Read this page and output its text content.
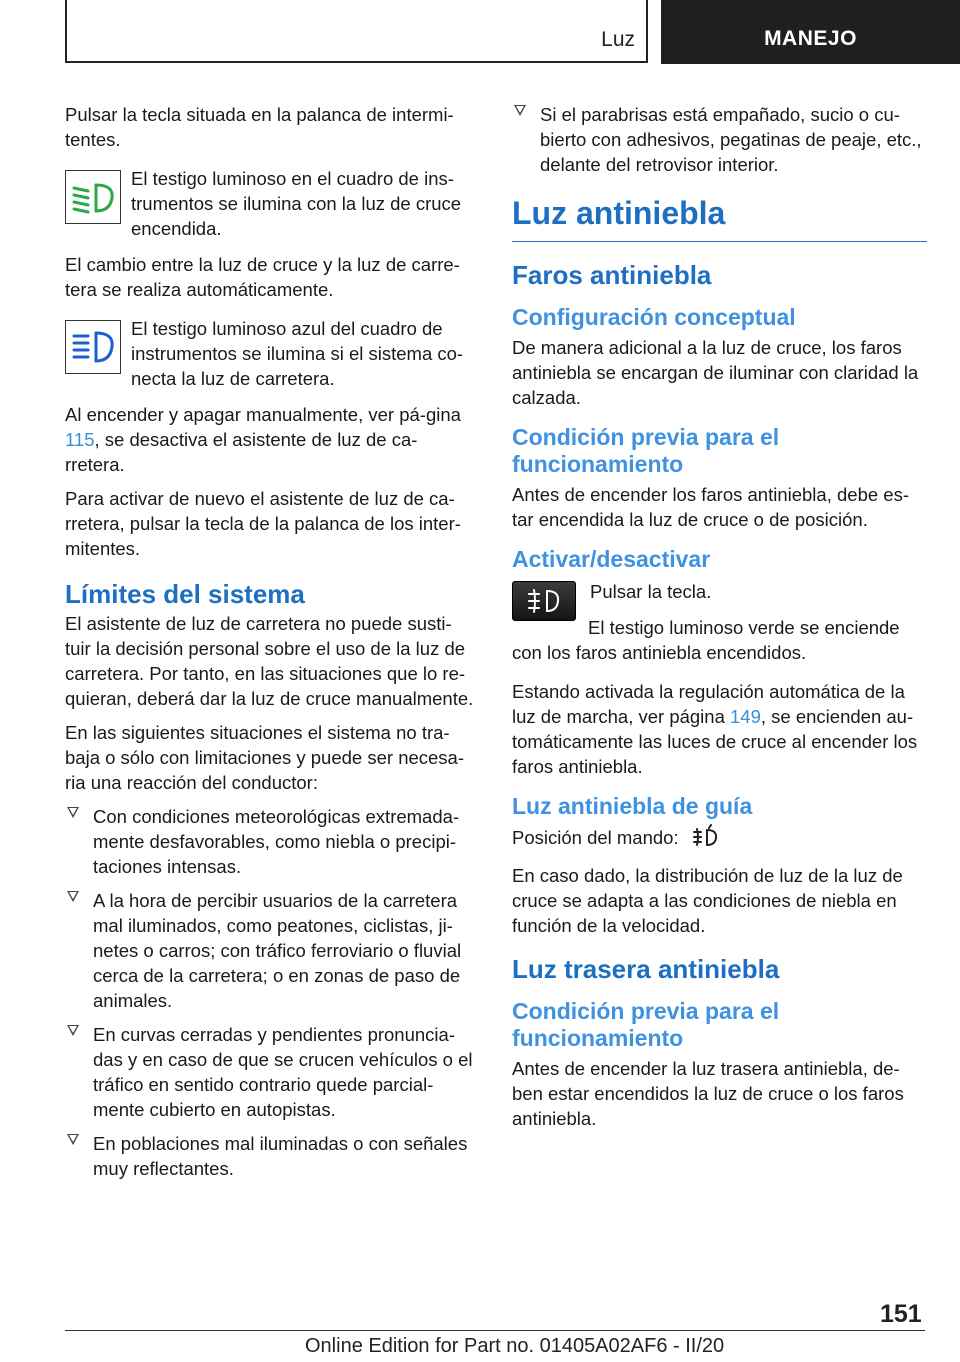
Luz	MANEJO

Pulsar la tecla situada en la palanca de intermi-tentes.

El testigo luminoso en el cuadro de ins-trumentos se ilumina con la luz de cruce encendida.

El cambio entre la luz de cruce y la luz de carre-tera se realiza automáticamente.

El testigo luminoso azul del cuadro de instrumentos se ilumina si el sistema co-necta la luz de carretera.

Al encender y apagar manualmente, ver pá-gina 115, se desactiva el asistente de luz de ca-rretera.

Para activar de nuevo el asistente de luz de ca-rretera, pulsar la tecla de la palanca de los inter-mitentes.

Límites del sistema

El asistente de luz de carretera no puede susti-tuir la decisión personal sobre el uso de la luz de carretera. Por tanto, en las situaciones que lo re-quieran, deberá dar la luz de cruce manualmente.

En las siguientes situaciones el sistema no tra-baja o sólo con limitaciones y puede ser necesa-ria una reacción del conductor:

Con condiciones meteorológicas extremada-mente desfavorables, como niebla o precipi-taciones intensas.
A la hora de percibir usuarios de la carretera mal iluminados, como peatones, ciclistas, ji-netes o carros; con tráfico ferroviario o fluvial cerca de la carretera; o en zonas de paso de animales.
En curvas cerradas y pendientes pronuncia-das y en caso de que se crucen vehículos o el tráfico en sentido contrario quede parcial-mente cubierto en autopistas.
En poblaciones mal iluminadas o con señales muy reflectantes.
Si el parabrisas está empañado, sucio o cu-bierto con adhesivos, pegatinas de peaje, etc., delante del retrovisor interior.
Luz antiniebla
Faros antiniebla
Configuración conceptual

De manera adicional a la luz de cruce, los faros antiniebla se encargan de iluminar con claridad la calzada.

Condición previa para el funcionamiento

Antes de encender los faros antiniebla, debe es-tar encendida la luz de cruce o de posición.

Activar/desactivar

Pulsar la tecla.

El testigo luminoso verde se enciende con los faros antiniebla encendidos.

Estando activada la regulación automática de la luz de marcha, ver página 149, se encienden au-tomáticamente las luces de cruce al encender los faros antiniebla.

Luz antiniebla de guía

Posición del mando:

En caso dado, la distribución de luz de la luz de cruce se adapta a las condiciones de niebla en función de la velocidad.

Luz trasera antiniebla
Condición previa para el funcionamiento

Antes de encender la luz trasera antiniebla, de-ben estar encendidos la luz de cruce o los faros antiniebla.

151
Online Edition for Part no. 01405A02AF6 - II/20
